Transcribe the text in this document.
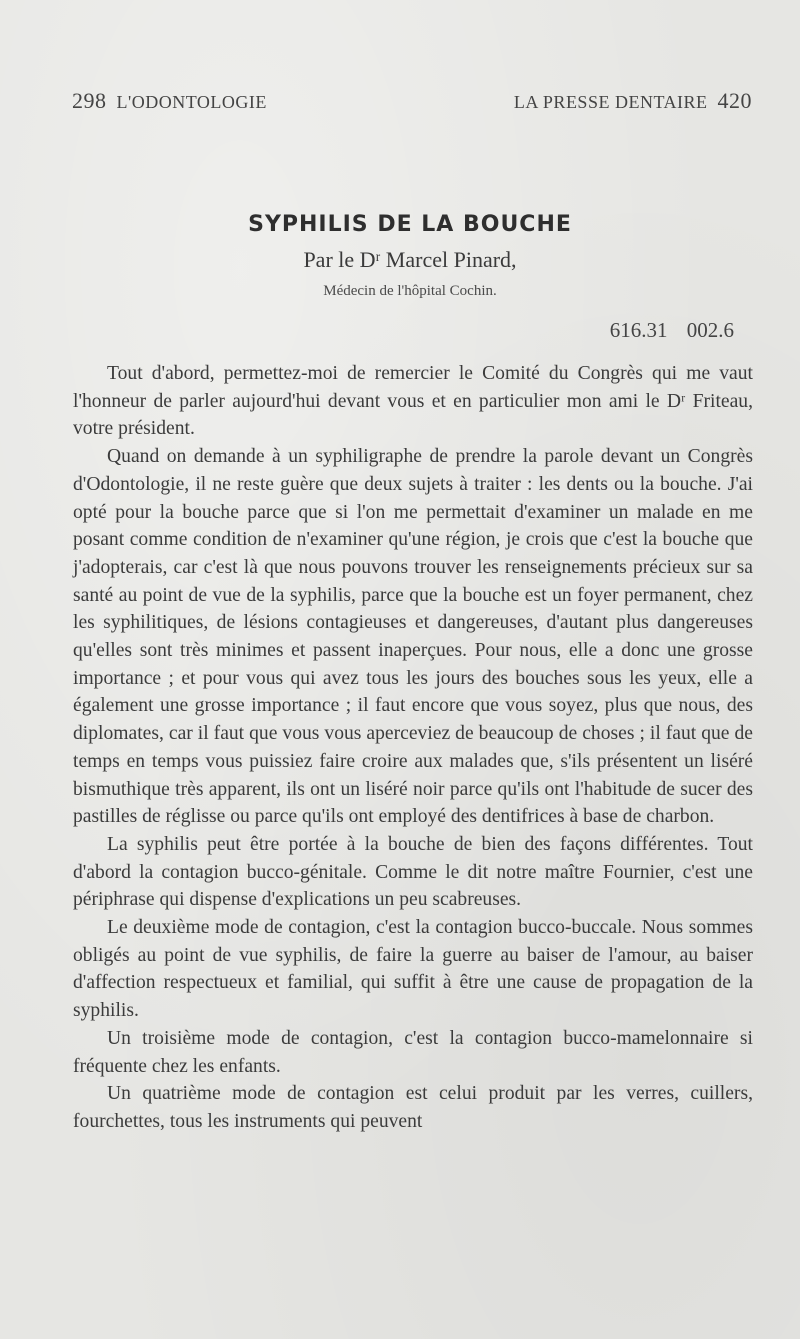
298 L'ODONTOLOGIE	LA PRESSE DENTAIRE 420
SYPHILIS DE LA BOUCHE
Par le Dʳ Marcel Pinard,
Médecin de l'hôpital Cochin.
616.31 002.6

Tout d'abord, permettez-moi de remercier le Comité du Congrès qui me vaut l'honneur de parler aujourd'hui devant vous et en particulier mon ami le Dʳ Friteau, votre président.

Quand on demande à un syphiligraphe de prendre la parole devant un Congrès d'Odontologie, il ne reste guère que deux sujets à traiter : les dents ou la bouche. J'ai opté pour la bouche parce que si l'on me permettait d'examiner un malade en me posant comme condition de n'examiner qu'une région, je crois que c'est la bouche que j'adopterais, car c'est là que nous pouvons trouver les renseignements précieux sur sa santé au point de vue de la syphilis, parce que la bouche est un foyer permanent, chez les syphilitiques, de lésions contagieuses et dangereuses, d'autant plus dangereuses qu'elles sont très minimes et passent inaperçues. Pour nous, elle a donc une grosse importance ; et pour vous qui avez tous les jours des bouches sous les yeux, elle a également une grosse importance ; il faut encore que vous soyez, plus que nous, des diplomates, car il faut que vous vous aperceviez de beaucoup de choses ; il faut que de temps en temps vous puissiez faire croire aux malades que, s'ils présentent un liséré bismuthique très apparent, ils ont un liséré noir parce qu'ils ont l'habitude de sucer des pastilles de réglisse ou parce qu'ils ont employé des dentifrices à base de charbon.

La syphilis peut être portée à la bouche de bien des façons différentes. Tout d'abord la contagion bucco-génitale. Comme le dit notre maître Fournier, c'est une périphrase qui dispense d'explications un peu scabreuses.

Le deuxième mode de contagion, c'est la contagion bucco-buccale. Nous sommes obligés au point de vue syphilis, de faire la guerre au baiser de l'amour, au baiser d'affection respectueux et familial, qui suffit à être une cause de propagation de la syphilis.

Un troisième mode de contagion, c'est la contagion bucco-mamelonnaire si fréquente chez les enfants.

Un quatrième mode de contagion est celui produit par les verres, cuillers, fourchettes, tous les instruments qui peuvent
